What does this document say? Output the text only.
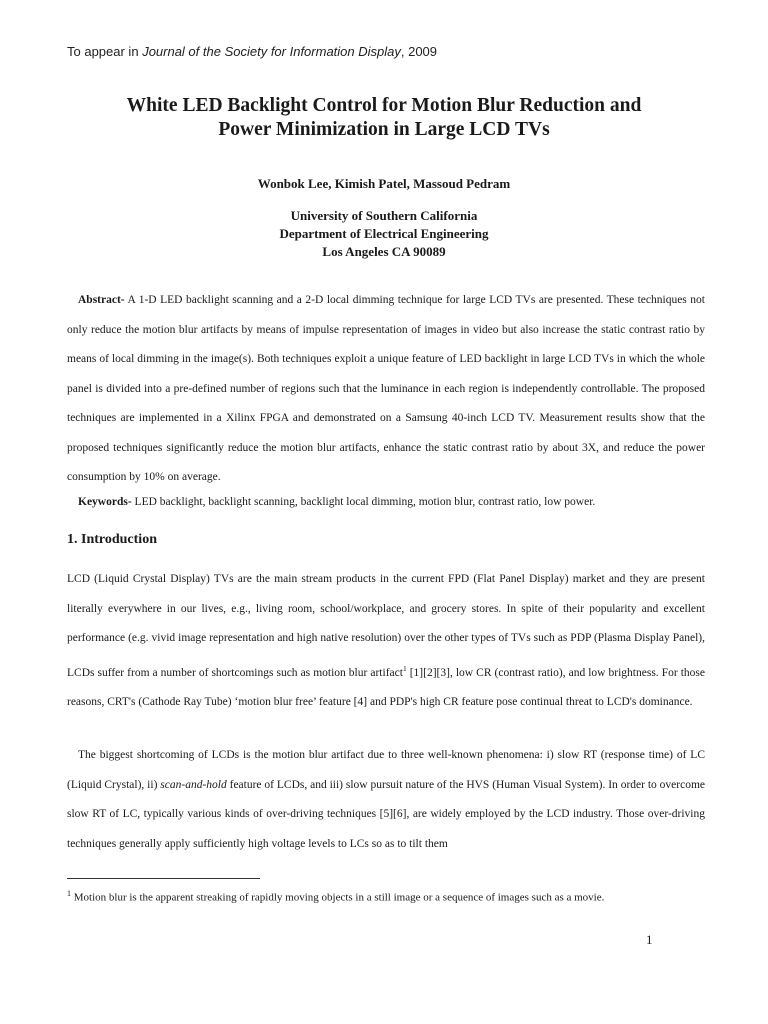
To appear in Journal of the Society for Information Display, 2009
White LED Backlight Control for Motion Blur Reduction and
Power Minimization in Large LCD TVs
Wonbok Lee, Kimish Patel, Massoud Pedram
University of Southern California
Department of Electrical Engineering
Los Angeles CA 90089
Abstract- A 1-D LED backlight scanning and a 2-D local dimming technique for large LCD TVs are presented. These techniques not only reduce the motion blur artifacts by means of impulse representation of images in video but also increase the static contrast ratio by means of local dimming in the image(s). Both techniques exploit a unique feature of LED backlight in large LCD TVs in which the whole panel is divided into a pre-defined number of regions such that the luminance in each region is independently controllable. The proposed techniques are implemented in a Xilinx FPGA and demonstrated on a Samsung 40-inch LCD TV. Measurement results show that the proposed techniques significantly reduce the motion blur artifacts, enhance the static contrast ratio by about 3X, and reduce the power consumption by 10% on average.
Keywords- LED backlight, backlight scanning, backlight local dimming, motion blur, contrast ratio, low power.
1. Introduction
LCD (Liquid Crystal Display) TVs are the main stream products in the current FPD (Flat Panel Display) market and they are present literally everywhere in our lives, e.g., living room, school/workplace, and grocery stores. In spite of their popularity and excellent performance (e.g. vivid image representation and high native resolution) over the other types of TVs such as PDP (Plasma Display Panel), LCDs suffer from a number of shortcomings such as motion blur artifact$^1$ [1][2][3], low CR (contrast ratio), and low brightness. For those reasons, CRT's (Cathode Ray Tube) ‘motion blur free’ feature [4] and PDP's high CR feature pose continual threat to LCD's dominance.
The biggest shortcoming of LCDs is the motion blur artifact due to three well-known phenomena: i) slow RT (response time) of LC (Liquid Crystal), ii) scan-and-hold feature of LCDs, and iii) slow pursuit nature of the HVS (Human Visual System). In order to overcome slow RT of LC, typically various kinds of over-driving techniques [5][6], are widely employed by the LCD industry. Those over-driving techniques generally apply sufficiently high voltage levels to LCs so as to tilt them
$^1$ Motion blur is the apparent streaking of rapidly moving objects in a still image or a sequence of images such as a movie.
1
